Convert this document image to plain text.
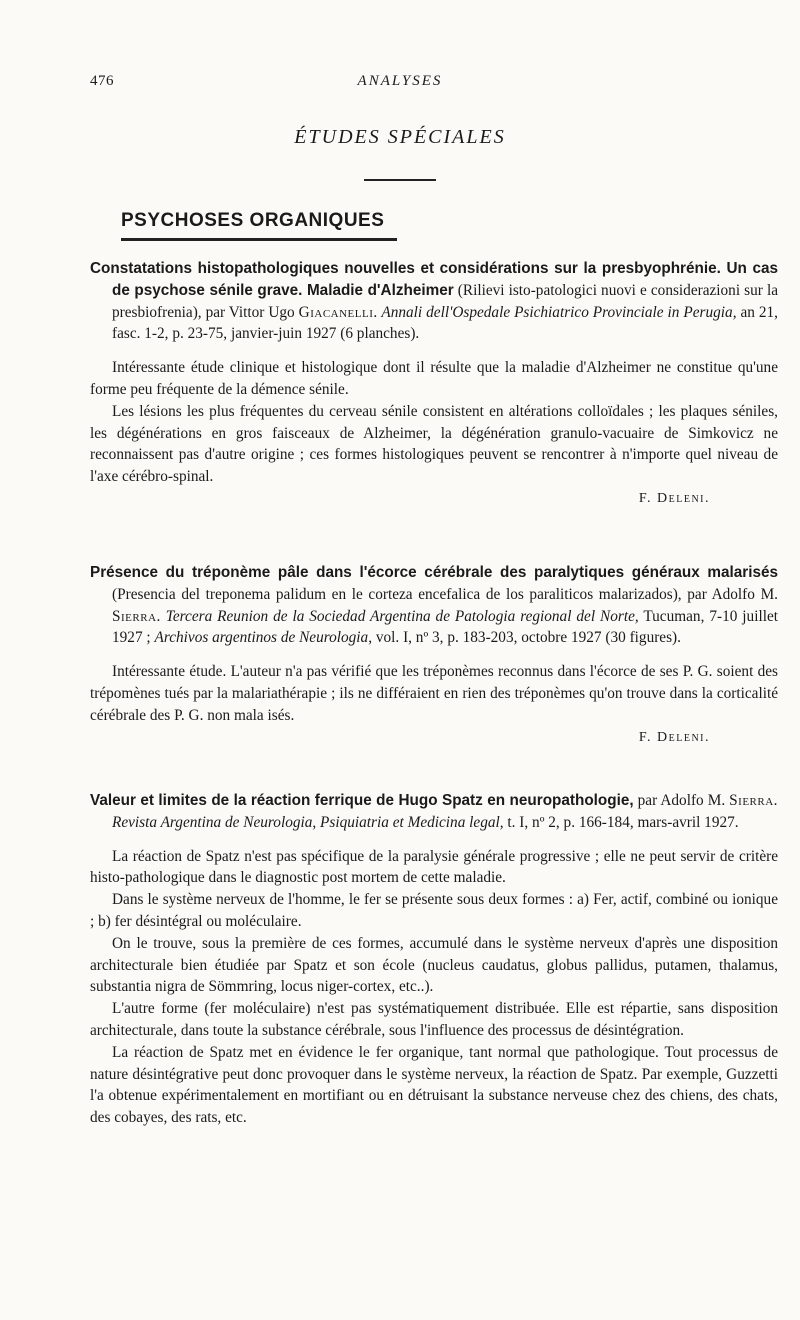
476	ANALYSES
ÉTUDES SPÉCIALES
PSYCHOSES ORGANIQUES

Constatations histopathologiques nouvelles et considérations sur la presbyophrénie. Un cas de psychose sénile grave. Maladie d'Alzheimer (Rilievi isto-patologici nuovi e considerazioni sur la presbiofrenia), par Vittor Ugo Giacanelli. Annali dell'Ospedale Psichiatrico Provinciale in Perugia, an 21, fasc. 1-2, p. 23-75, janvier-juin 1927 (6 planches).

Intéressante étude clinique et histologique dont il résulte que la maladie d'Alzheimer ne constitue qu'une forme peu fréquente de la démence sénile.

Les lésions les plus fréquentes du cerveau sénile consistent en altérations colloïdales ; les plaques séniles, les dégénérations en gros faisceaux de Alzheimer, la dégénération granulo-vacuaire de Simkovicz ne reconnaissent pas d'autre origine ; ces formes histologiques peuvent se rencontrer à n'importe quel niveau de l'axe cérébro-spinal.

F. Deleni.

Présence du tréponème pâle dans l'écorce cérébrale des paralytiques généraux malarisés (Presencia del treponema palidum en le corteza encefalica de los paraliticos malarizados), par Adolfo M. Sierra. Tercera Reunion de la Sociedad Argentina de Patologia regional del Norte, Tucuman, 7-10 juillet 1927 ; Archivos argentinos de Neurologia, vol. I, nº 3, p. 183-203, octobre 1927 (30 figures).

Intéressante étude. L'auteur n'a pas vérifié que les tréponèmes reconnus dans l'écorce de ses P. G. soient des trépomènes tués par la malariathérapie ; ils ne différaient en rien des tréponèmes qu'on trouve dans la corticalité cérébrale des P. G. non mala isés.

F. Deleni.

Valeur et limites de la réaction ferrique de Hugo Spatz en neuropathologie, par Adolfo M. Sierra. Revista Argentina de Neurologia, Psiquiatria et Medicina legal, t. I, nº 2, p. 166-184, mars-avril 1927.

La réaction de Spatz n'est pas spécifique de la paralysie générale progressive ; elle ne peut servir de critère histo-pathologique dans le diagnostic post mortem de cette maladie.

Dans le système nerveux de l'homme, le fer se présente sous deux formes : a) Fer, actif, combiné ou ionique ; b) fer désintégral ou moléculaire.

On le trouve, sous la première de ces formes, accumulé dans le système nerveux d'après une disposition architecturale bien étudiée par Spatz et son école (nucleus caudatus, globus pallidus, putamen, thalamus, substantia nigra de Sömmring, locus niger-cortex, etc..).

L'autre forme (fer moléculaire) n'est pas systématiquement distribuée. Elle est répartie, sans disposition architecturale, dans toute la substance cérébrale, sous l'influence des processus de désintégration.

La réaction de Spatz met en évidence le fer organique, tant normal que pathologique. Tout processus de nature désintégrative peut donc provoquer dans le système nerveux, la réaction de Spatz. Par exemple, Guzzetti l'a obtenue expérimentalement en mortifiant ou en détruisant la substance nerveuse chez des chiens, des chats, des cobayes, des rats, etc.
